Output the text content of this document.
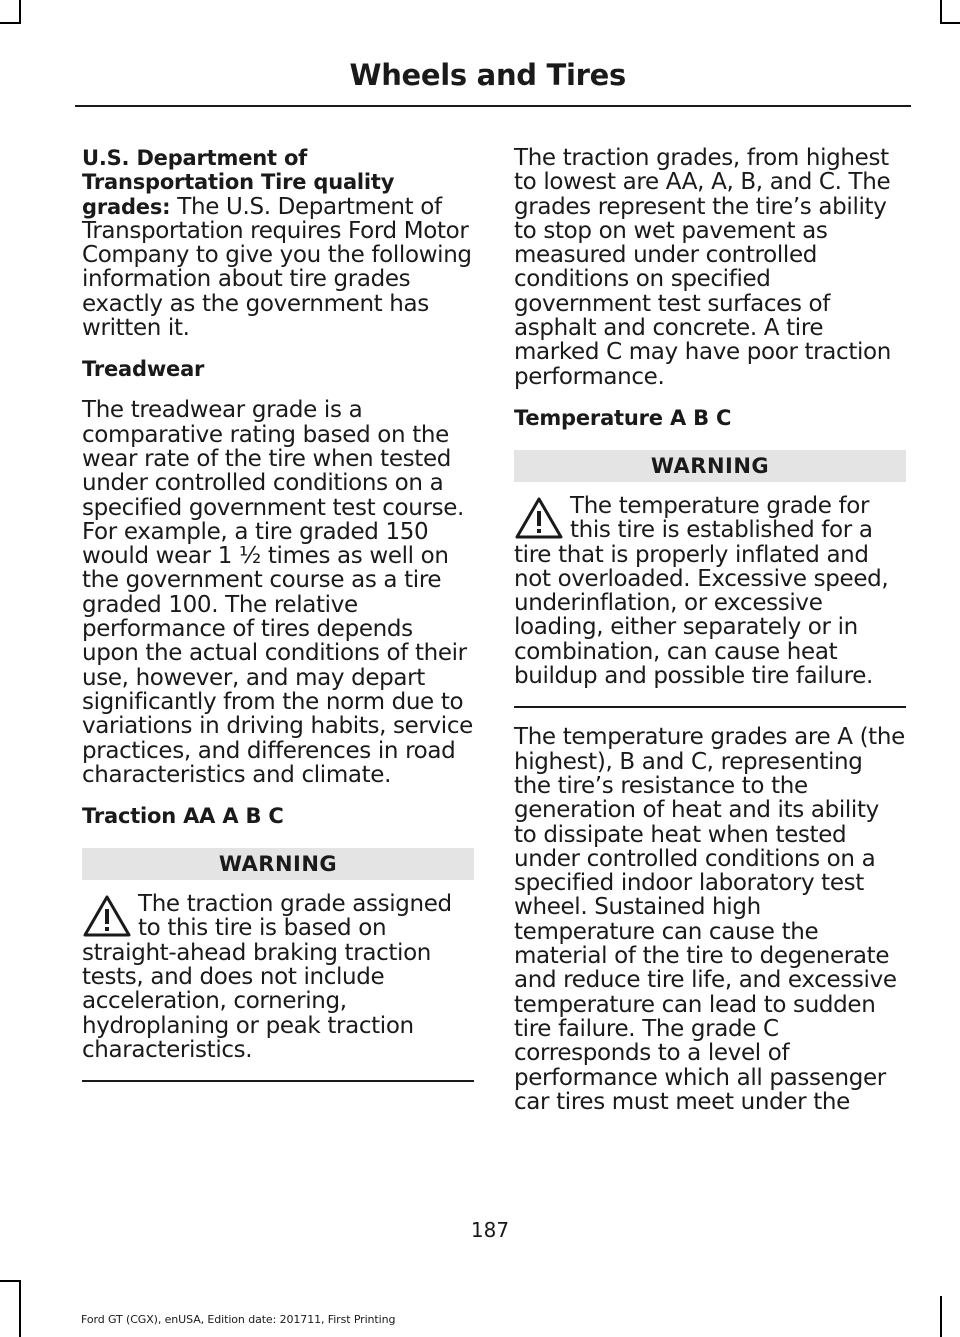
Wheels and Tires

U.S. Department of Transportation Tire quality grades: The U.S. Department of Transportation requires Ford Motor Company to give you the following information about tire grades exactly as the government has written it.

Treadwear

The treadwear grade is a comparative rating based on the wear rate of the tire when tested under controlled conditions on a specified government test course. For example, a tire graded 150 would wear 1 ½ times as well on the government course as a tire graded 100. The relative performance of tires depends upon the actual conditions of their use, however, and may depart significantly from the norm due to variations in driving habits, service practices, and differences in road characteristics and climate.

Traction AA A B C
WARNING
The traction grade assigned to this tire is based on straight-ahead braking traction tests, and does not include acceleration, cornering, hydroplaning or peak traction characteristics.

The traction grades, from highest to lowest are AA, A, B, and C. The grades represent the tire’s ability to stop on wet pavement as measured under controlled conditions on specified government test surfaces of asphalt and concrete. A tire marked C may have poor traction performance.

Temperature A B C
WARNING
The temperature grade for this tire is established for a tire that is properly inflated and not overloaded. Excessive speed, underinflation, or excessive loading, either separately or in combination, can cause heat buildup and possible tire failure.

The temperature grades are A (the highest), B and C, representing the tire’s resistance to the generation of heat and its ability to dissipate heat when tested under controlled conditions on a specified indoor laboratory test wheel. Sustained high temperature can cause the material of the tire to degenerate and reduce tire life, and excessive temperature can lead to sudden tire failure. The grade C corresponds to a level of performance which all passenger car tires must meet under the

187
Ford GT (CGX), enUSA, Edition date: 201711, First Printing
